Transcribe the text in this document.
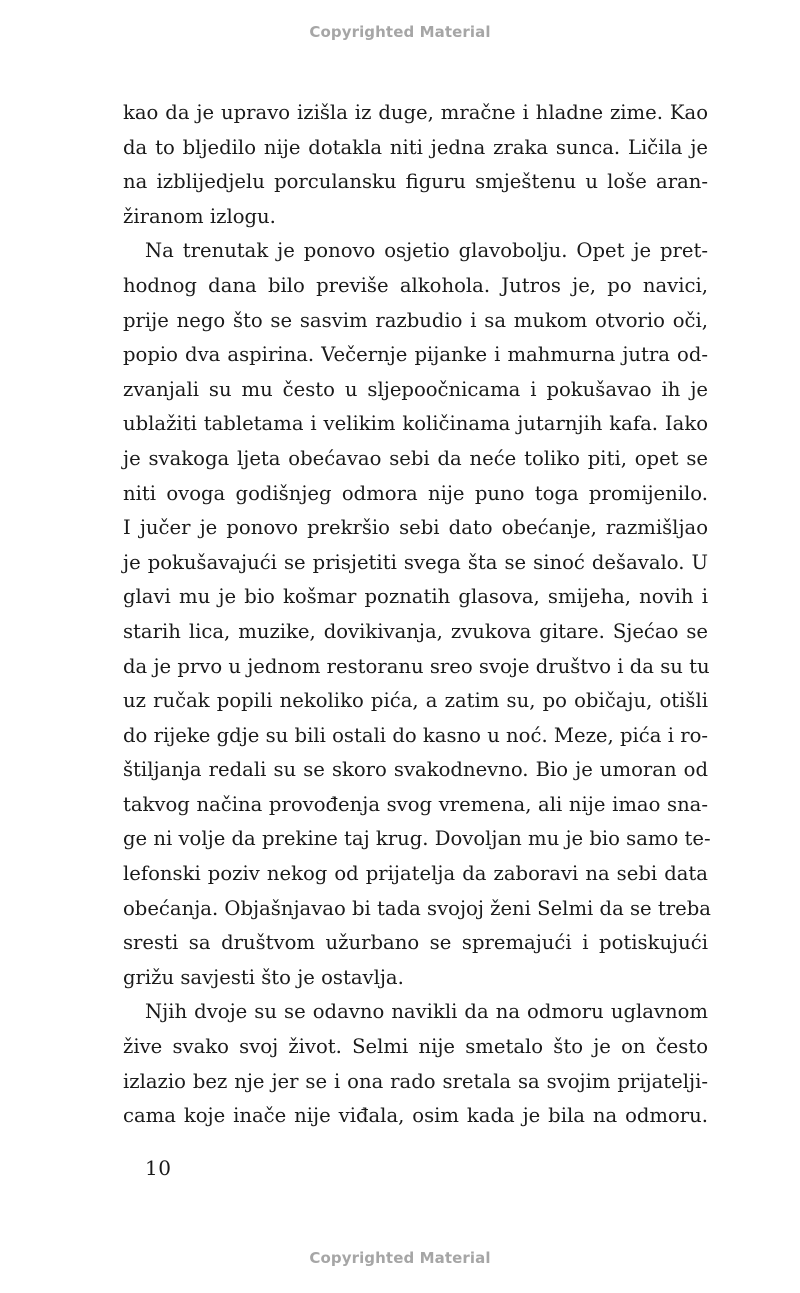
Copyrighted Material
kao da je upravo izišla iz duge, mračne i hladne zime. Kao
da to bljedilo nije dotakla niti jedna zraka sunca. Ličila je
na izblijedjelu porculansku figuru smještenu u loše aran-
žiranom izlogu.
Na trenutak je ponovo osjetio glavobolju. Opet je pret-
hodnog dana bilo previše alkohola. Jutros je, po navici,
prije nego što se sasvim razbudio i sa mukom otvorio oči,
popio dva aspirina. Večernje pijanke i mahmurna jutra od-
zvanjali su mu često u sljepoočnicama i pokušavao ih je
ublažiti tabletama i velikim količinama jutarnjih kafa. Iako
je svakoga ljeta obećavao sebi da neće toliko piti, opet se
niti ovoga godišnjeg odmora nije puno toga promijenilo.
I jučer je ponovo prekršio sebi dato obećanje, razmišljao
je pokušavajući se prisjetiti svega šta se sinoć dešavalo. U
glavi mu je bio košmar poznatih glasova, smijeha, novih i
starih lica, muzike, dovikivanja, zvukova gitare. Sjećao se
da je prvo u jednom restoranu sreo svoje društvo i da su tu
uz ručak popili nekoliko pića, a zatim su, po običaju, otišli
do rijeke gdje su bili ostali do kasno u noć. Meze, pića i ro-
štiljanja redali su se skoro svakodnevno. Bio je umoran od
takvog načina provođenja svog vremena, ali nije imao sna-
ge ni volje da prekine taj krug. Dovoljan mu je bio samo te-
lefonski poziv nekog od prijatelja da zaboravi na sebi data
obećanja. Objašnjavao bi tada svojoj ženi Selmi da se treba
sresti sa društvom užurbano se spremajući i potiskujući
grižu savjesti što je ostavlja.
Njih dvoje su se odavno navikli da na odmoru uglavnom
žive svako svoj život. Selmi nije smetalo što je on često
izlazio bez nje jer se i ona rado sretala sa svojim prijatelji-
cama koje inače nije viđala, osim kada je bila na odmoru.
10
Copyrighted Material
